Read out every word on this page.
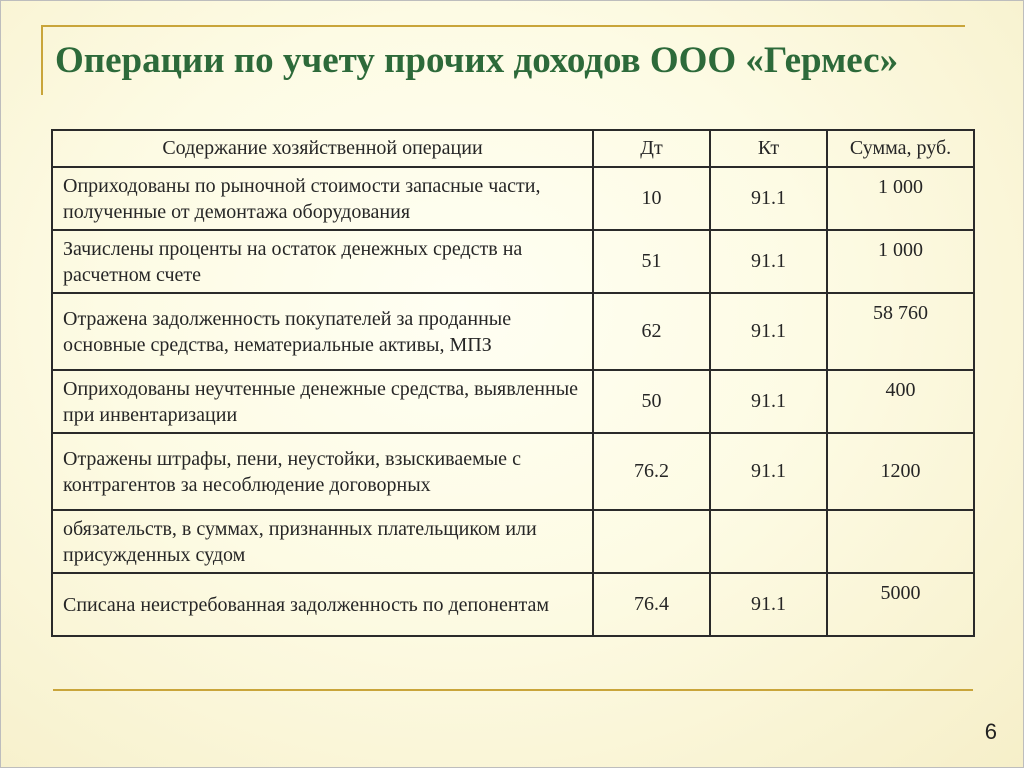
Операции по учету прочих доходов ООО «Гермес»
Содержание хозяйственной операции	Дт	Кт	Сумма, руб.
Оприходованы по рыночной стоимости запасные части, полученные от демонтажа оборудования	10	91.1	1 000
Зачислены проценты на остаток денежных средств на расчетном счете	51	91.1	1 000
Отражена задолженность покупателей за проданные основные средства, нематериальные активы, МПЗ	62	91.1	58 760
Оприходованы неучтенные денежные средства, выявленные при инвентаризации	50	91.1	400
Отражены штрафы, пени, неустойки, взыскиваемые с контрагентов за несоблюдение договорных	76.2	91.1	1200
обязательств, в суммах, признанных плательщиком или присужденных судом			
Списана неистребованная задолженность по депонентам	76.4	91.1	5000
6
